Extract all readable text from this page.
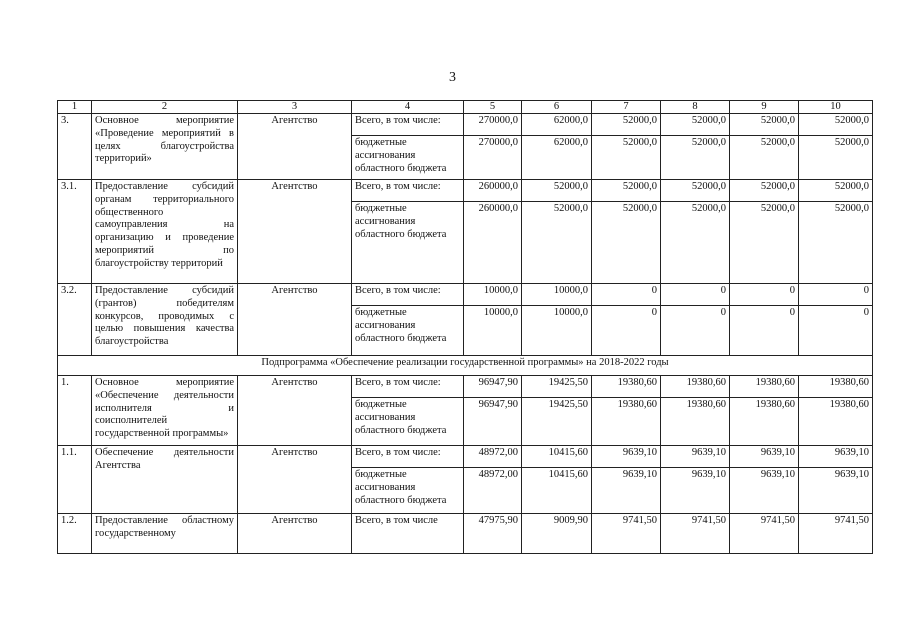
3
1	2	3	4	5	6	7	8	9	10
3.	Основное мероприятие «Проведение мероприятий в целях благоустройства территорий»	Агентство	Всего, в том числе:	270000,0	62000,0	52000,0	52000,0	52000,0	52000,0
			бюджетные ассигнования областного бюджета	270000,0	62000,0	52000,0	52000,0	52000,0	52000,0
3.1.	Предоставление субсидий органам территориального общественного самоуправления на организацию и проведение мероприятий по благоустройству территорий	Агентство	Всего, в том числе:	260000,0	52000,0	52000,0	52000,0	52000,0	52000,0
			бюджетные ассигнования областного бюджета	260000,0	52000,0	52000,0	52000,0	52000,0	52000,0
3.2.	Предоставление субсидий (грантов) победителям конкурсов, проводимых с целью повышения качества благоустройства	Агентство	Всего, в том числе:	10000,0	10000,0	0	0	0	0
			бюджетные ассигнования областного бюджета	10000,0	10000,0	0	0	0	0
Подпрограмма «Обеспечение реализации государственной программы» на 2018-2022 годы									
1.	Основное мероприятие «Обеспечение деятельности исполнителя и соисполнителей государственной программы»	Агентство	Всего, в том числе:	96947,90	19425,50	19380,60	19380,60	19380,60	19380,60
			бюджетные ассигнования областного бюджета	96947,90	19425,50	19380,60	19380,60	19380,60	19380,60
1.1.	Обеспечение деятельности Агентства	Агентство	Всего, в том числе:	48972,00	10415,60	9639,10	9639,10	9639,10	9639,10
			бюджетные ассигнования областного бюджета	48972,00	10415,60	9639,10	9639,10	9639,10	9639,10
1.2.	Предоставление областному государственному	Агентство	Всего, в том числе	47975,90	9009,90	9741,50	9741,50	9741,50	9741,50
